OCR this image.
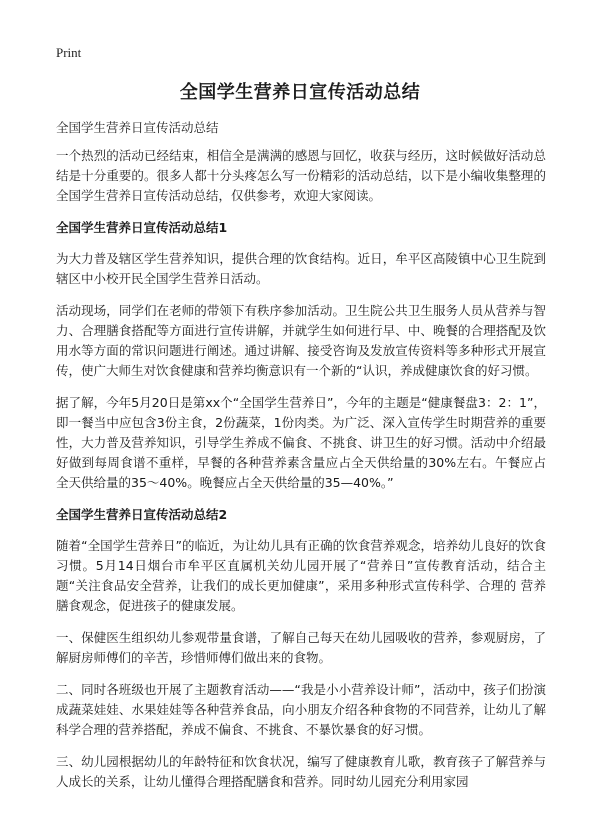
Print
全国学生营养日宣传活动总结
全国学生营养日宣传活动总结

一个热烈的活动已经结束，相信全是满满的感恩与回忆，收获与经历，这时候做好活动总结是十分重要的。很多人都十分头疼怎么写一份精彩的活动总结，以下是小编收集整理的全国学生营养日宣传活动总结，仅供参考，欢迎大家阅读。

全国学生营养日宣传活动总结1

为大力普及辖区学生营养知识，提供合理的饮食结构。近日，牟平区高陵镇中心卫生院到辖区中小校开民全国学生营养日活动。

活动现场，同学们在老师的带领下有秩序参加活动。卫生院公共卫生服务人员从营养与智力、合理膳食搭配等方面进行宣传讲解，并就学生如何进行早、中、晚餐的合理搭配及饮用水等方面的常识问题进行阐述。通过讲解、接受咨询及发放宣传资料等多种形式开展宣传，使广大师生对饮食健康和营养均衡意识有一个新的“认识，养成健康饮食的好习惯。

据了解，今年5月20日是第xx个“全国学生营养日”，今年的主题是“健康餐盘3：2：1”，即一餐当中应包含3份主食，2份蔬菜，1份肉类。为广泛、深入宣传学生时期营养的重要性，大力普及营养知识，引导学生养成不偏食、不挑食、讲卫生的好习惯。活动中介绍最好做到每周食谱不重样，早餐的各种营养素含量应占全天供给量的30%左右。午餐应占全天供给量的35～40%。晚餐应占全天供给量的35—40%。”

全国学生营养日宣传活动总结2

随着“全国学生营养日”的临近，为让幼儿具有正确的饮食营养观念，培养幼儿良好的饮食习惯。5月14日烟台市牟平区直属机关幼儿园开展了“营养日”宣传教育活动，结合主题“关注食品安全营养，让我们的成长更加健康”，采用多种形式宣传科学、合理的 营养膳食观念，促进孩子的健康发展。

一、保健医生组织幼儿参观带量食谱，了解自己每天在幼儿园吸收的营养，参观厨房，了解厨房师傅们的辛苦，珍惜师傅们做出来的食物。

二、同时各班级也开展了主题教育活动——“我是小小营养设计师”，活动中，孩子们扮演成蔬菜娃娃、水果娃娃等各种营养食品，向小朋友介绍各种食物的不同营养，让幼儿了解科学合理的营养搭配，养成不偏食、不挑食、不暴饮暴食的好习惯。

三、幼儿园根据幼儿的年龄特征和饮食状况，编写了健康教育儿歌，教育孩子了解营养与人成长的关系，让幼儿懂得合理搭配膳食和营养。同时幼儿园充分利用家园
